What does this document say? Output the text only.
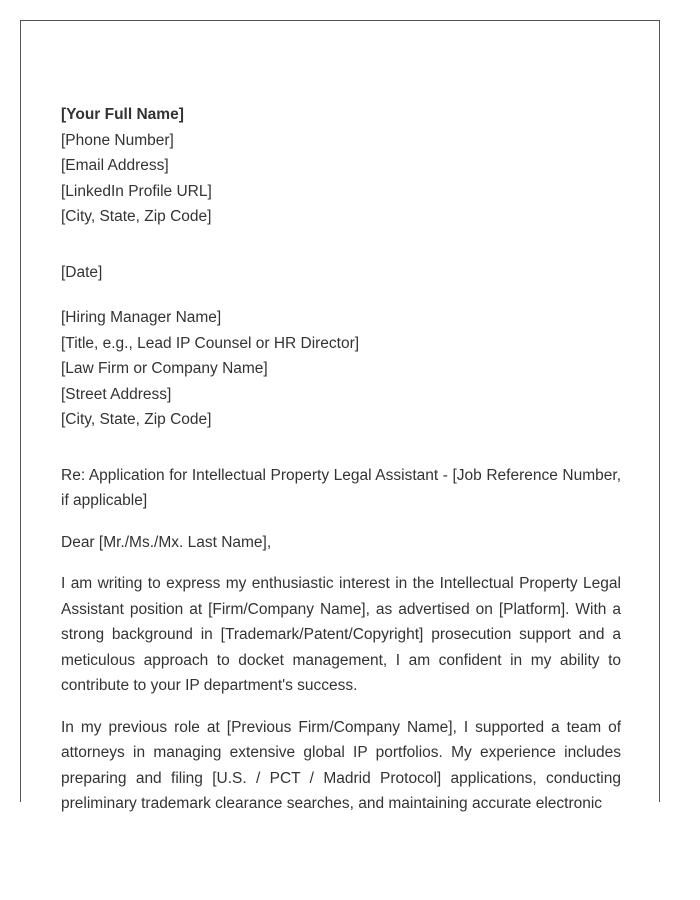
[Your Full Name]
[Phone Number]
[Email Address]
[LinkedIn Profile URL]
[City, State, Zip Code]
[Date]
[Hiring Manager Name]
[Title, e.g., Lead IP Counsel or HR Director]
[Law Firm or Company Name]
[Street Address]
[City, State, Zip Code]

Re: Application for Intellectual Property Legal Assistant - [Job Reference Number, if applicable]

Dear [Mr./Ms./Mx. Last Name],

I am writing to express my enthusiastic interest in the Intellectual Property Legal Assistant position at [Firm/Company Name], as advertised on [Platform]. With a strong background in [Trademark/Patent/Copyright] prosecution support and a meticulous approach to docket management, I am confident in my ability to contribute to your IP department's success.

In my previous role at [Previous Firm/Company Name], I supported a team of attorneys in managing extensive global IP portfolios. My experience includes preparing and filing [U.S. / PCT / Madrid Protocol] applications, conducting preliminary trademark clearance searches, and maintaining accurate electronic
